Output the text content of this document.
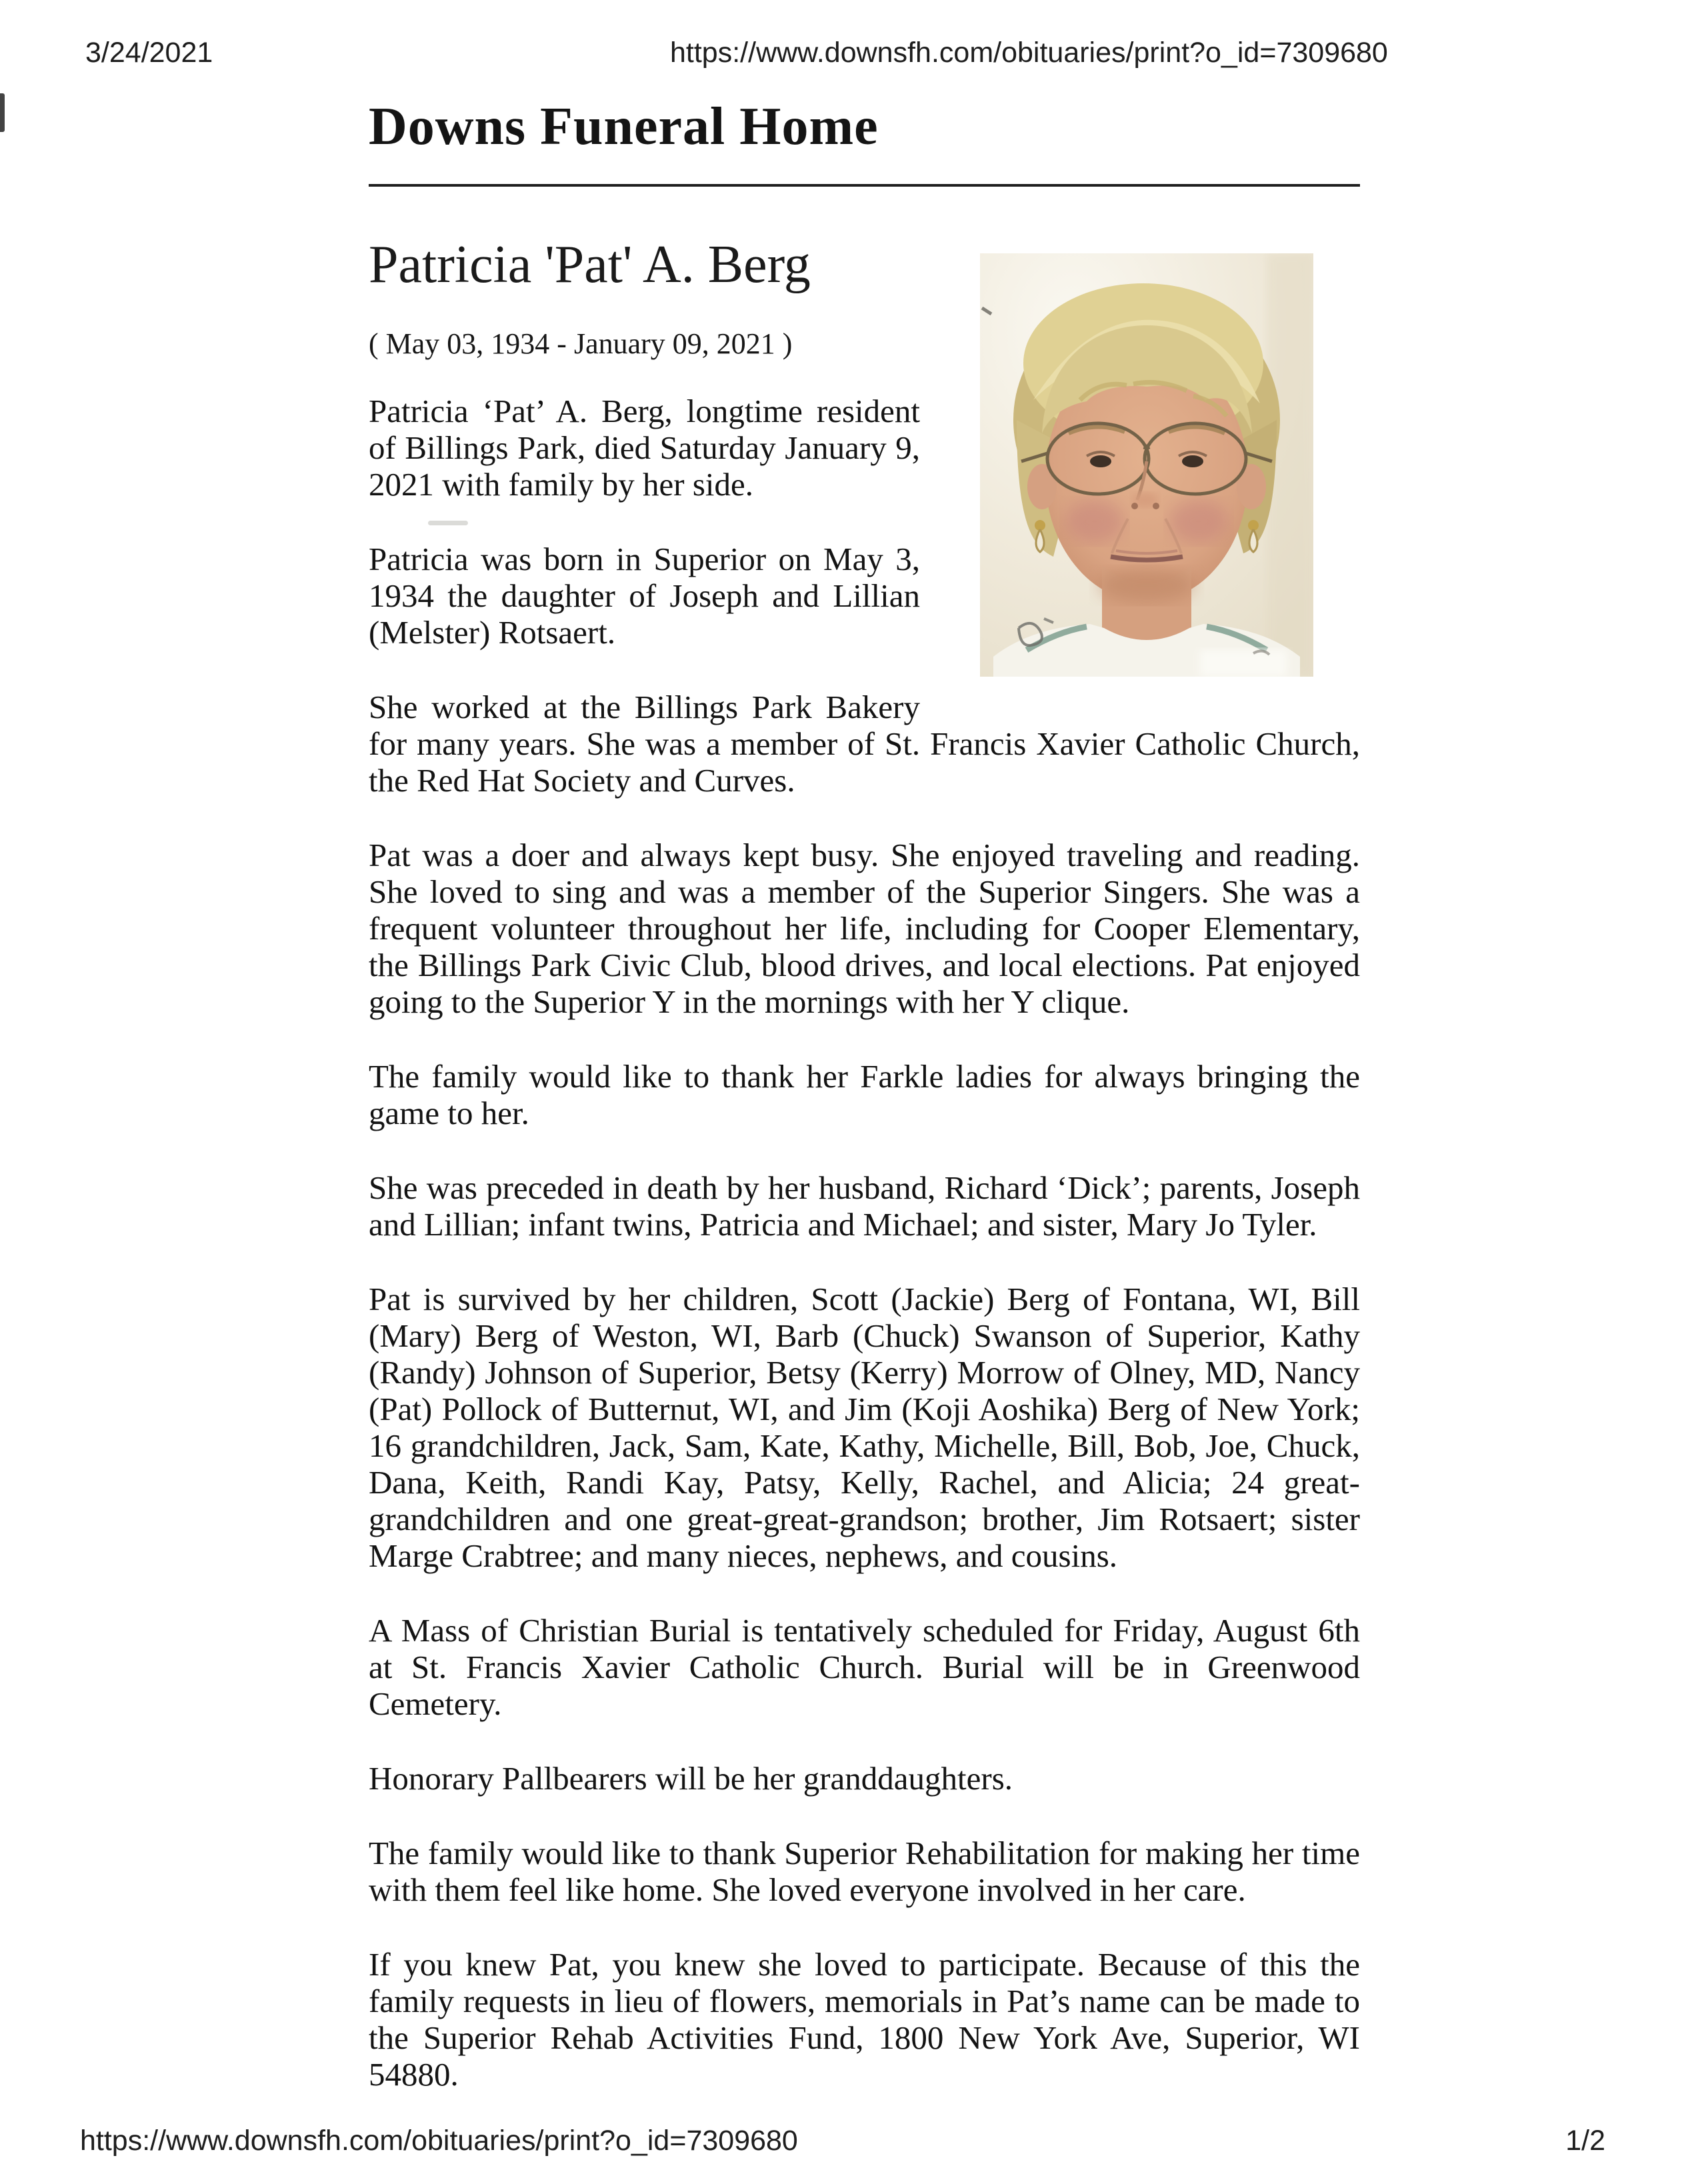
3/24/2021	https://www.downsfh.com/obituaries/print?o_id=7309680
Downs Funeral Home
Patricia 'Pat' A. Berg

( May 03, 1934 - January 09, 2021 )

Patricia ‘Pat’ A. Berg, longtime resident of Billings Park, died Saturday January 9, 2021 with family by her side.

Patricia was born in Superior on May 3, 1934 the daughter of Joseph and Lillian (Melster) Rotsaert.

She worked at the Billings Park Bakery for many years. She was a member of St. Francis Xavier Catholic Church, the Red Hat Society and Curves.

Pat was a doer and always kept busy. She enjoyed traveling and reading. She loved to sing and was a member of the Superior Singers. She was a frequent volunteer throughout her life, including for Cooper Elementary, the Billings Park Civic Club, blood drives, and local elections. Pat enjoyed going to the Superior Y in the mornings with her Y clique.

The family would like to thank her Farkle ladies for always bringing the game to her.

She was preceded in death by her husband, Richard ‘Dick’; parents, Joseph and Lillian; infant twins, Patricia and Michael; and sister, Mary Jo Tyler.

Pat is survived by her children, Scott (Jackie) Berg of Fontana, WI, Bill (Mary) Berg of Weston, WI, Barb (Chuck) Swanson of Superior, Kathy (Randy) Johnson of Superior, Betsy (Kerry) Morrow of Olney, MD, Nancy (Pat) Pollock of Butternut, WI, and Jim (Koji Aoshika) Berg of New York; 16 grandchildren, Jack, Sam, Kate, Kathy, Michelle, Bill, Bob, Joe, Chuck, Dana, Keith, Randi Kay, Patsy, Kelly, Rachel, and Alicia; 24 great-grandchildren and one great-great-grandson; brother, Jim Rotsaert; sister Marge Crabtree; and many nieces, nephews, and cousins.

A Mass of Christian Burial is tentatively scheduled for Friday, August 6th at St. Francis Xavier Catholic Church. Burial will be in Greenwood Cemetery.

Honorary Pallbearers will be her granddaughters.

The family would like to thank Superior Rehabilitation for making her time with them feel like home. She loved everyone involved in her care.

If you knew Pat, you knew she loved to participate. Because of this the family requests in lieu of flowers, memorials in Pat’s name can be made to the Superior Rehab Activities Fund, 1800 New York Ave, Superior, WI 54880.

https://www.downsfh.com/obituaries/print?o_id=7309680	1/2
